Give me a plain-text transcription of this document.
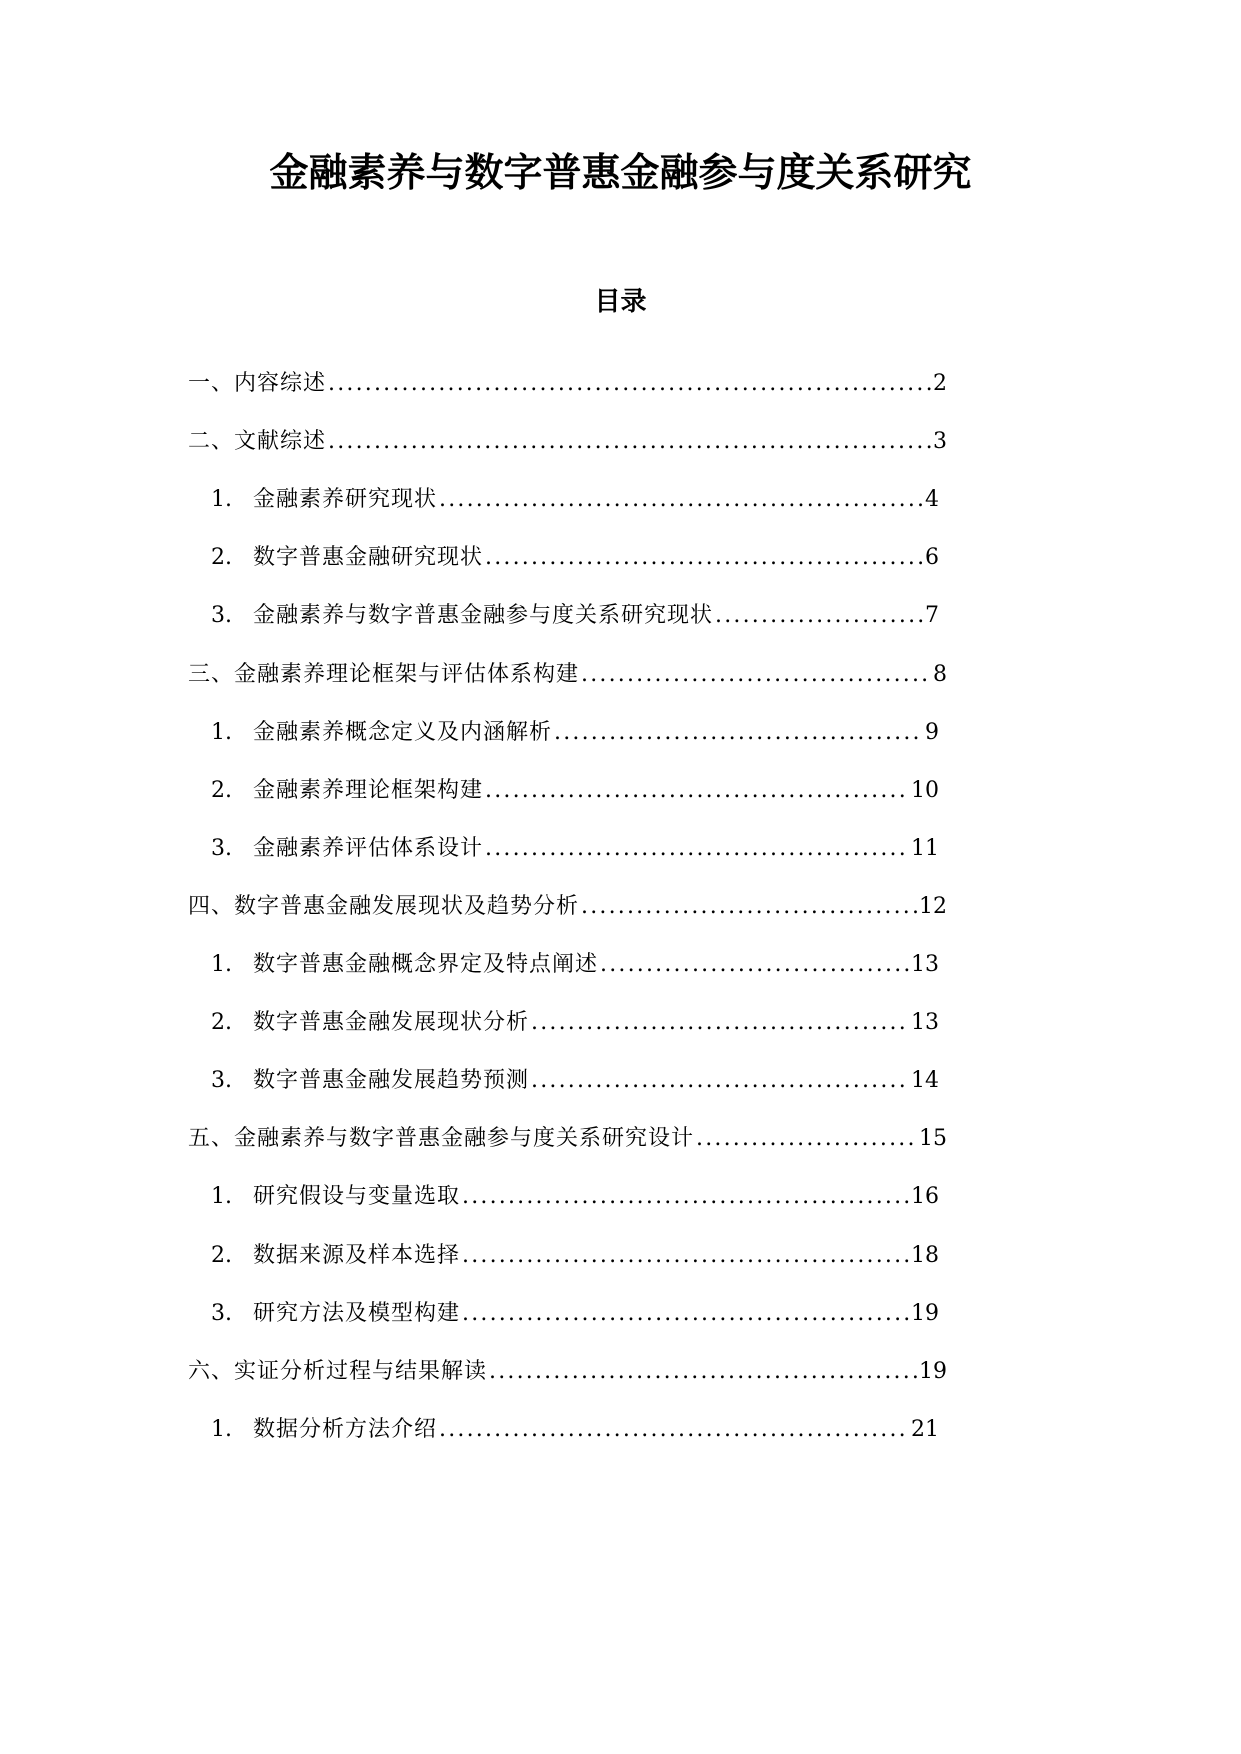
金融素养与数字普惠金融参与度关系研究
目录
一、内容综述 .....	2
二、文献综述 .....	3
1. 金融素养研究现状 .....	4
2. 数字普惠金融研究现状 .....	6
3. 金融素养与数字普惠金融参与度关系研究现状 .....	7
三、金融素养理论框架与评估体系构建 .....	8
1. 金融素养概念定义及内涵解析 .....	9
2. 金融素养理论框架构建 .....	10
3. 金融素养评估体系设计 .....	11
四、数字普惠金融发展现状及趋势分析 .....	12
1. 数字普惠金融概念界定及特点阐述 .....	13
2. 数字普惠金融发展现状分析 .....	13
3. 数字普惠金融发展趋势预测 .....	14
五、金融素养与数字普惠金融参与度关系研究设计 .....	15
1. 研究假设与变量选取 .....	16
2. 数据来源及样本选择 .....	18
3. 研究方法及模型构建 .....	19
六、实证分析过程与结果解读 .....	19
1. 数据分析方法介绍 .....	21
